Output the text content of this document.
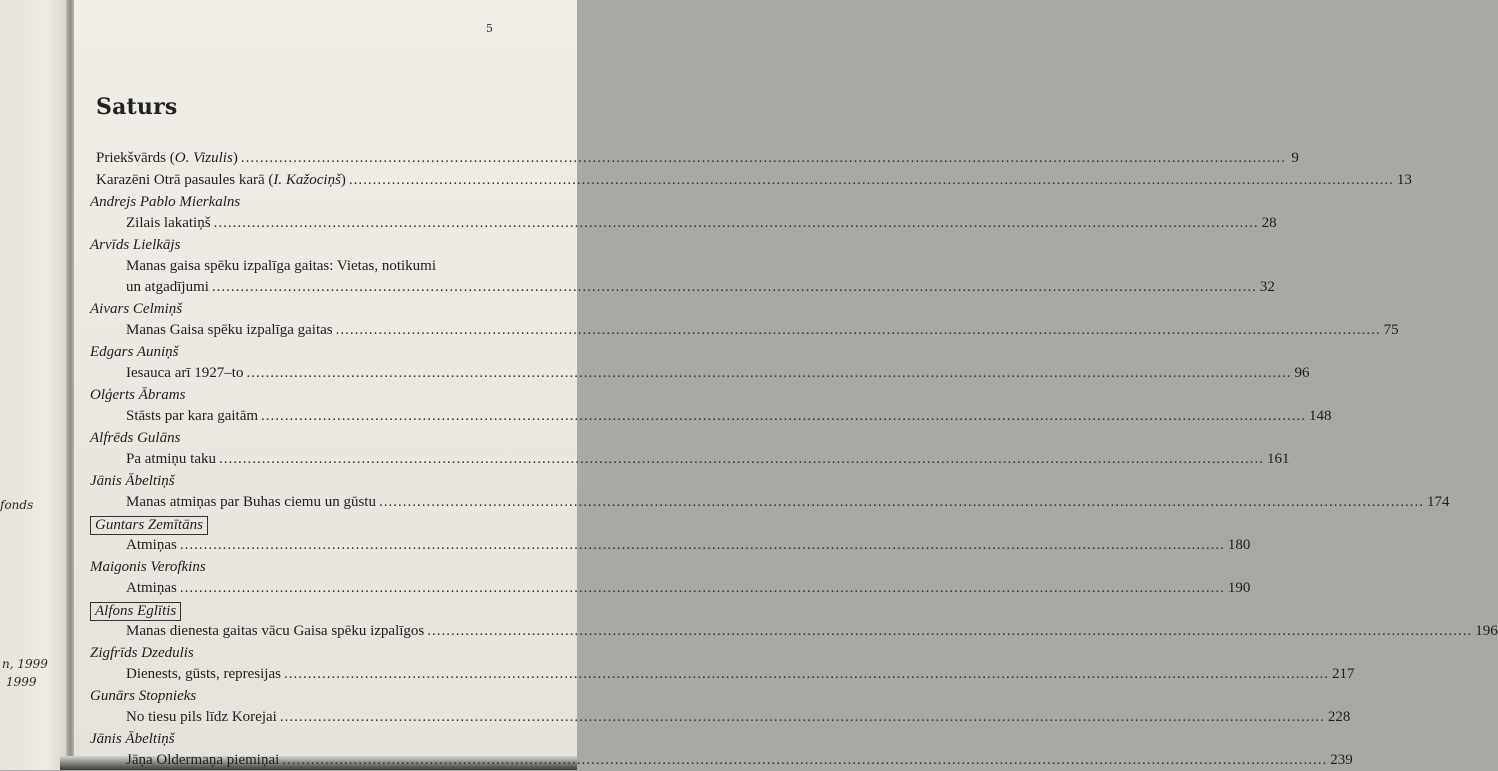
fonds
n, 1999
1999
5
Saturs
Priekšvārds (O. Vizulis) ............................................................................................................................................................................................................................ 9
Karazēni Otrā pasaules karā (I. Kažociņš) ............................................................................................................................................................................................................................ 13
Andrejs Pablo Mierkalns
Zilais lakatiņš ............................................................................................................................................................................................................................ 28
Arvīds Lielkājs
Manas gaisa spēku izpalīga gaitas: Vietas, notikumi
un atgadījumi ............................................................................................................................................................................................................................ 32
Aivars Celmiņš
Manas Gaisa spēku izpalīga gaitas ............................................................................................................................................................................................................................ 75
Edgars Auniņš
Iesauca arī 1927–to ............................................................................................................................................................................................................................ 96
Olģerts Ābrams
Stāsts par kara gaitām ............................................................................................................................................................................................................................ 148
Alfrēds Gulāns
Pa atmiņu taku ............................................................................................................................................................................................................................ 161
Jānis Ābeltiņš
Manas atmiņas par Buhas ciemu un gūstu ............................................................................................................................................................................................................................ 174
Guntars Zemītāns
Atmiņas ............................................................................................................................................................................................................................ 180
Maigonis Verofkins
Atmiņas ............................................................................................................................................................................................................................ 190
Alfons Eglītis
Manas dienesta gaitas vācu Gaisa spēku izpalīgos ............................................................................................................................................................................................................................ 196
Zigfrīds Dzedulis
Dienests, gūsts, represijas ............................................................................................................................................................................................................................ 217
Gunārs Stopnieks
No tiesu pils līdz Korejai ............................................................................................................................................................................................................................ 228
Jānis Ābeltiņš
Jāņa Oldermaņa piemiņai ............................................................................................................................................................................................................................ 239
